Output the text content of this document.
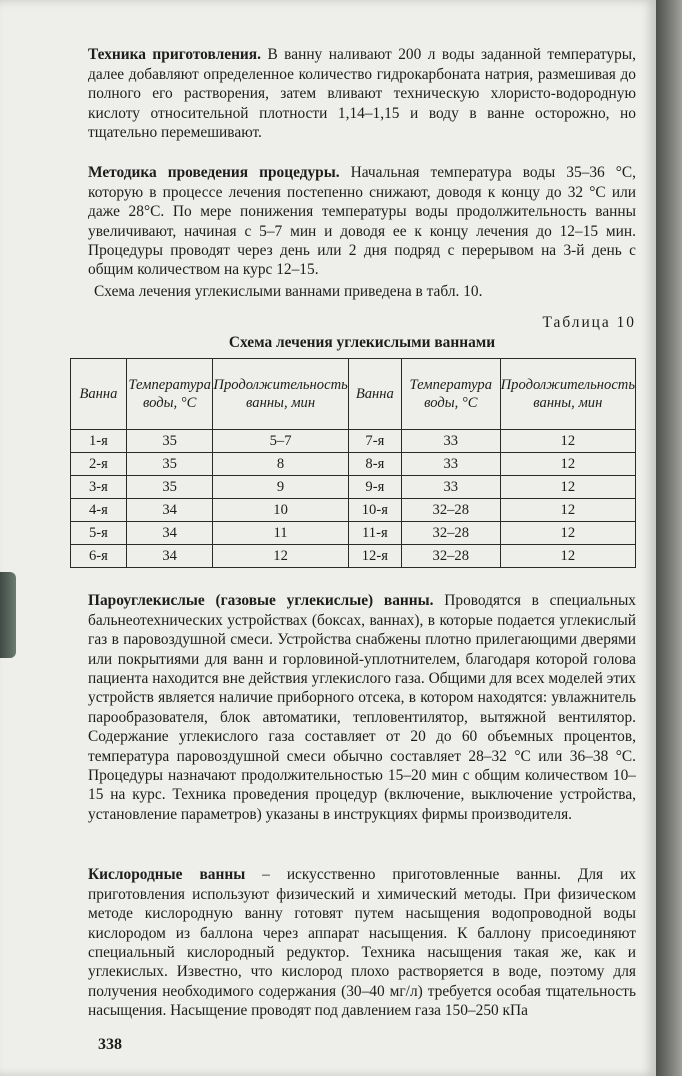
Техника приготовления. В ванну наливают 200 л воды заданной температуры, далее добавляют определенное количество гидрокарбоната натрия, размешивая до полного его растворения, затем вливают техническую хлористо-водородную кислоту относительной плотности 1,14–1,15 и воду в ванне осторожно, но тщательно перемешивают.

Методика проведения процедуры. Начальная температура воды 35–36 °С, которую в процессе лечения постепенно снижают, доводя к концу до 32 °С или даже 28°С. По мере понижения температуры воды продолжительность ванны увеличивают, начиная с 5–7 мин и доводя ее к концу лечения до 12–15 мин. Процедуры проводят через день или 2 дня подряд с перерывом на 3-й день с общим количеством на курс 12–15.

Схема лечения углекислыми ваннами приведена в табл. 10.
Таблица 10
Схема лечения углекислыми ваннами
Ванна	Температура воды, °С	Продолжительность ванны, мин	Ванна	Температура воды, °С	Продолжительность ванны, мин
1-я	35	5–7	7-я	33	12
2-я	35	8	8-я	33	12
3-я	35	9	9-я	33	12
4-я	34	10	10-я	32–28	12
5-я	34	11	11-я	32–28	12
6-я	34	12	12-я	32–28	12

Пароуглекислые (газовые углекислые) ванны. Проводятся в специальных бальнеотехнических устройствах (боксах, ваннах), в которые подается углекислый газ в паровоздушной смеси. Устройства снабжены плотно прилегающими дверями или покрытиями для ванн и горловиной-уплотнителем, благодаря которой голова пациента находится вне действия углекислого газа. Общими для всех моделей этих устройств является наличие приборного отсека, в котором находятся: увлажнитель парообразователя, блок автоматики, тепловентилятор, вытяжной вентилятор. Содержание углекислого газа составляет от 20 до 60 объемных процентов, температура паровоздушной смеси обычно составляет 28–32 °С или 36–38 °С. Процедуры назначают продолжительностью 15–20 мин с общим количеством 10–15 на курс. Техника проведения процедур (включение, выключение устройства, установление параметров) указаны в инструкциях фирмы производителя.

Кислородные ванны – искусственно приготовленные ванны. Для их приготовления используют физический и химический методы. При физическом методе кислородную ванну готовят путем насыщения водопроводной воды кислородом из баллона через аппарат насыщения. К баллону присоединяют специальный кислородный редуктор. Техника насыщения такая же, как и углекислых. Известно, что кислород плохо растворяется в воде, поэтому для получения необходимого содержания (30–40 мг/л) требуется особая тщательность насыщения. Насыщение проводят под давлением газа 150–250 кПа

338
